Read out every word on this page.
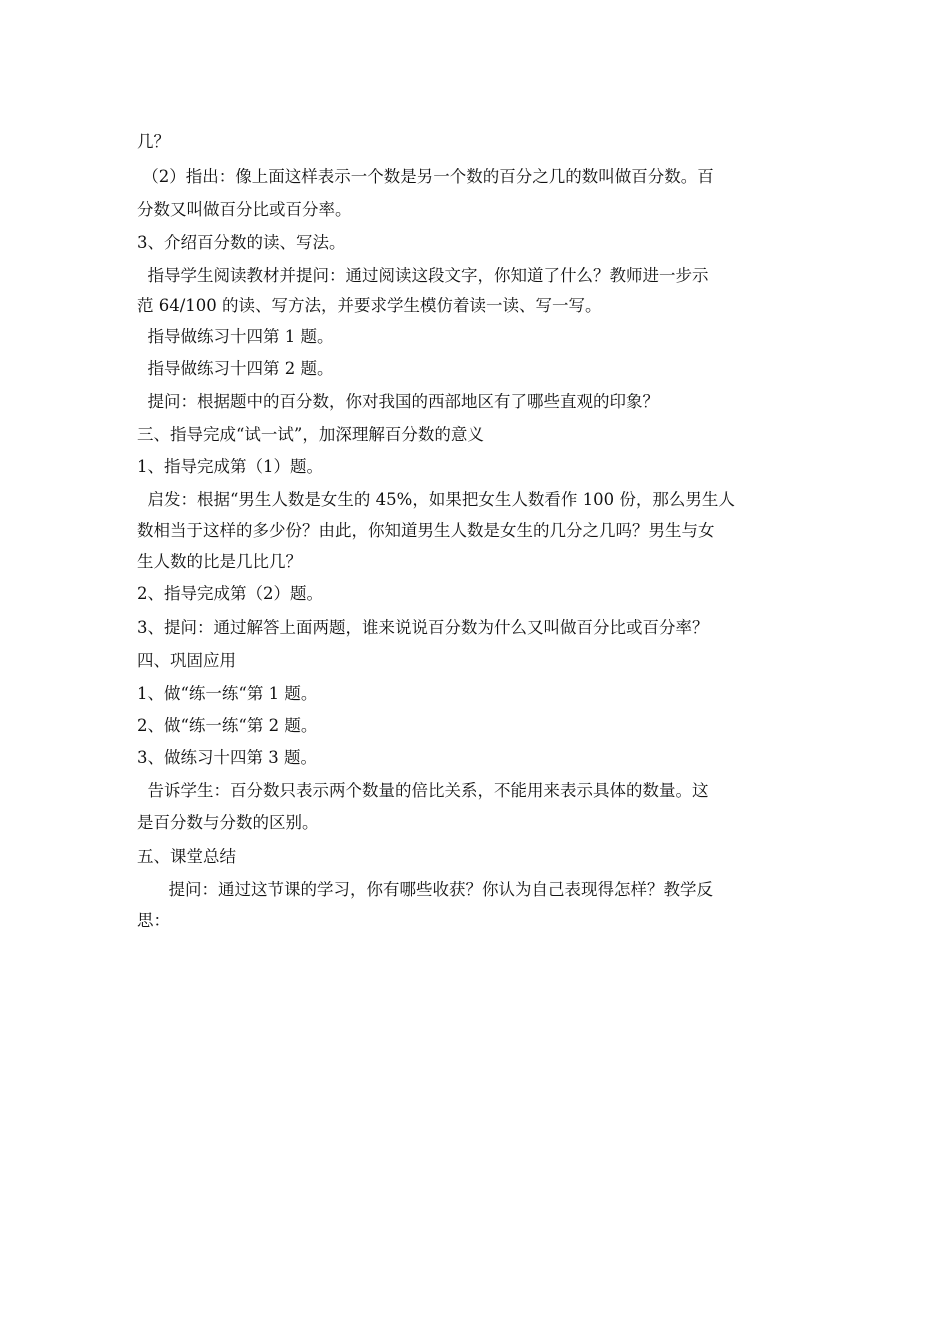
几？
（2）指出：像上面这样表示一个数是另一个数的百分之几的数叫做百分数。百
分数又叫做百分比或百分率。
3、介绍百分数的读、写法。
指导学生阅读教材并提问：通过阅读这段文字，你知道了什么？教师进一步示
范 64/100 的读、写方法，并要求学生模仿着读一读、写一写。
指导做练习十四第 1 题。
指导做练习十四第 2 题。
提问：根据题中的百分数，你对我国的西部地区有了哪些直观的印象？
三、指导完成“试一试”，加深理解百分数的意义
1、指导完成第（1）题。
启发：根据“男生人数是女生的 45%，如果把女生人数看作 100 份，那么男生人
数相当于这样的多少份？由此，你知道男生人数是女生的几分之几吗？男生与女
生人数的比是几比几？
2、指导完成第（2）题。
3、提问：通过解答上面两题，谁来说说百分数为什么又叫做百分比或百分率？
四、巩固应用
1、做“练一练“第 1 题。
2、做“练一练“第 2 题。
3、做练习十四第 3 题。
告诉学生：百分数只表示两个数量的倍比关系，不能用来表示具体的数量。这
是百分数与分数的区别。
五、课堂总结
提问：通过这节课的学习，你有哪些收获？你认为自己表现得怎样？教学反
思：
